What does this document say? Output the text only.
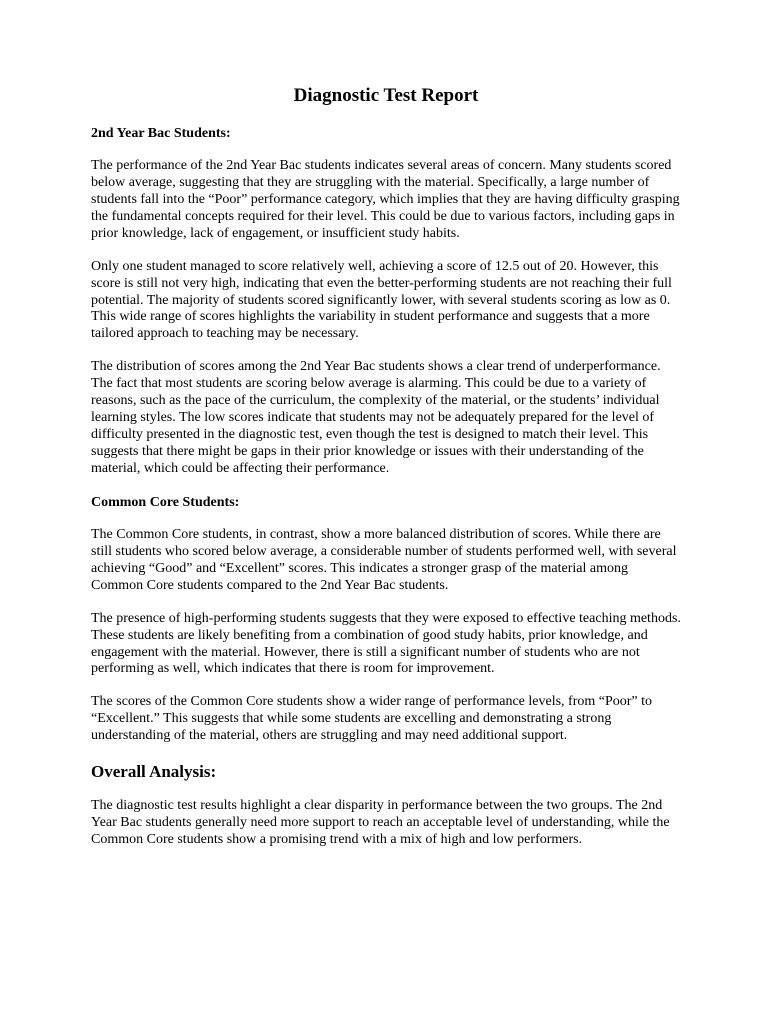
Diagnostic Test Report
2nd Year Bac Students:

The performance of the 2nd Year Bac students indicates several areas of concern. Many students scored below average, suggesting that they are struggling with the material. Specifically, a large number of students fall into the “Poor” performance category, which implies that they are having difficulty grasping the fundamental concepts required for their level. This could be due to various factors, including gaps in prior knowledge, lack of engagement, or insufficient study habits.

Only one student managed to score relatively well, achieving a score of 12.5 out of 20. However, this score is still not very high, indicating that even the better-performing students are not reaching their full potential. The majority of students scored significantly lower, with several students scoring as low as 0. This wide range of scores highlights the variability in student performance and suggests that a more tailored approach to teaching may be necessary.

The distribution of scores among the 2nd Year Bac students shows a clear trend of underperformance. The fact that most students are scoring below average is alarming. This could be due to a variety of reasons, such as the pace of the curriculum, the complexity of the material, or the students’ individual learning styles. The low scores indicate that students may not be adequately prepared for the level of difficulty presented in the diagnostic test, even though the test is designed to match their level. This suggests that there might be gaps in their prior knowledge or issues with their understanding of the material, which could be affecting their performance.

Common Core Students:

The Common Core students, in contrast, show a more balanced distribution of scores. While there are still students who scored below average, a considerable number of students performed well, with several achieving “Good” and “Excellent” scores. This indicates a stronger grasp of the material among Common Core students compared to the 2nd Year Bac students.

The presence of high-performing students suggests that they were exposed to effective teaching methods. These students are likely benefiting from a combination of good study habits, prior knowledge, and engagement with the material. However, there is still a significant number of students who are not performing as well, which indicates that there is room for improvement.

The scores of the Common Core students show a wider range of performance levels, from “Poor” to “Excellent.” This suggests that while some students are excelling and demonstrating a strong understanding of the material, others are struggling and may need additional support.

Overall Analysis:

The diagnostic test results highlight a clear disparity in performance between the two groups. The 2nd Year Bac students generally need more support to reach an acceptable level of understanding, while the Common Core students show a promising trend with a mix of high and low performers.
